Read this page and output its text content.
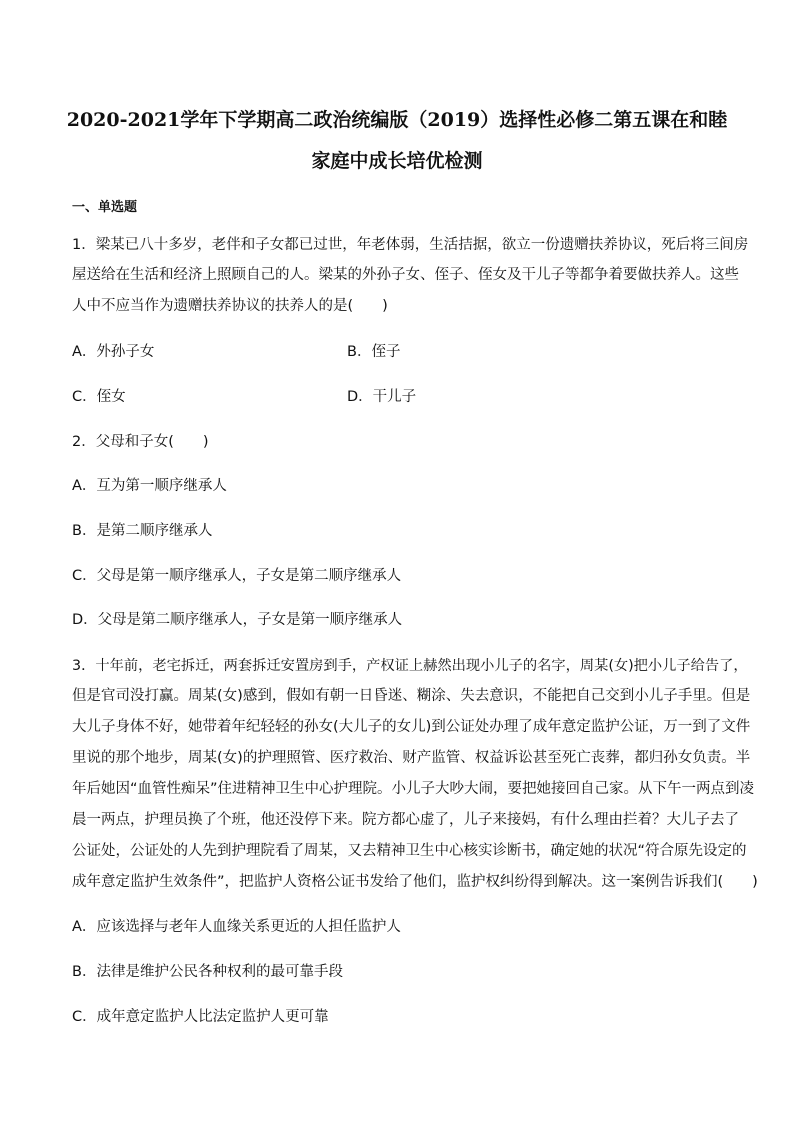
2020-2021学年下学期高二政治统编版（2019）选择性必修二第五课在和睦
家庭中成长培优检测
一、单选题
1．梁某已八十多岁，老伴和子女都已过世，年老体弱，生活拮据，欲立一份遗赠扶养协议，死后将三间房
屋送给在生活和经济上照顾自己的人。梁某的外孙子女、侄子、侄女及干儿子等都争着要做扶养人。这些
人中不应当作为遗赠扶养协议的扶养人的是(　　)
A．外孙子女	B．侄子
C．侄女	D．干儿子
2．父母和子女(　　)
A．互为第一顺序继承人
B．是第二顺序继承人
C．父母是第一顺序继承人，子女是第二顺序继承人
D．父母是第二顺序继承人，子女是第一顺序继承人
3．十年前，老宅拆迁，两套拆迁安置房到手，产权证上赫然出现小儿子的名字，周某(女)把小儿子给告了，
但是官司没打赢。周某(女)感到，假如有朝一日昏迷、糊涂、失去意识，不能把自己交到小儿子手里。但是
大儿子身体不好，她带着年纪轻轻的孙女(大儿子的女儿)到公证处办理了成年意定监护公证，万一到了文件
里说的那个地步，周某(女)的护理照管、医疗救治、财产监管、权益诉讼甚至死亡丧葬，都归孙女负责。半
年后她因“血管性痴呆”住进精神卫生中心护理院。小儿子大吵大闹，要把她接回自己家。从下午一两点到凌
晨一两点，护理员换了个班，他还没停下来。院方都心虚了，儿子来接妈，有什么理由拦着？大儿子去了
公证处，公证处的人先到护理院看了周某，又去精神卫生中心核实诊断书，确定她的状况“符合原先设定的
成年意定监护生效条件”，把监护人资格公证书发给了他们，监护权纠纷得到解决。这一案例告诉我们(　　)
A．应该选择与老年人血缘关系更近的人担任监护人
B．法律是维护公民各种权利的最可靠手段
C．成年意定监护人比法定监护人更可靠
